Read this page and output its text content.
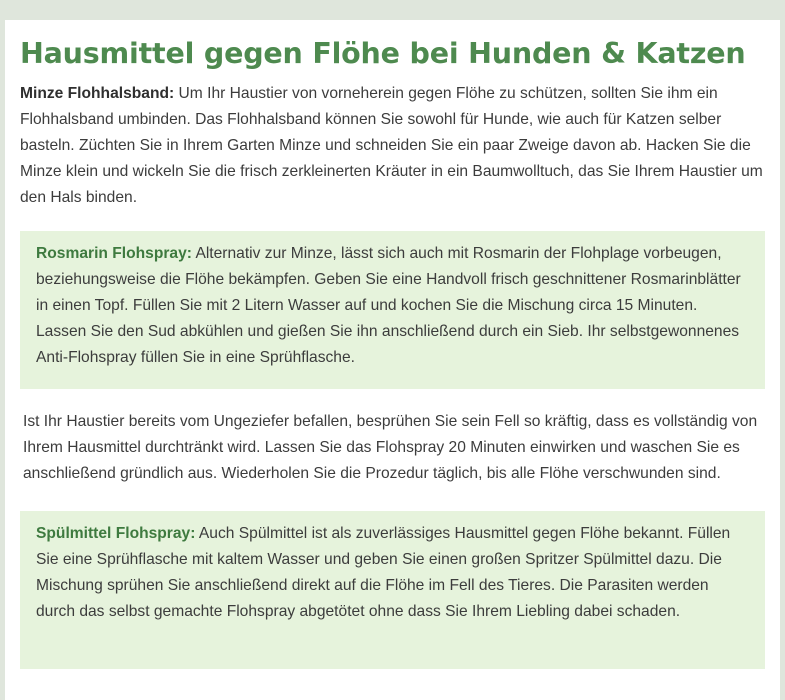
Hausmittel gegen Flöhe bei Hunden & Katzen

Minze Flohhalsband: Um Ihr Haustier von vorneherein gegen Flöhe zu schützen, sollten Sie ihm ein Flohhalsband umbinden. Das Flohhalsband können Sie sowohl für Hunde, wie auch für Katzen selber basteln. Züchten Sie in Ihrem Garten Minze und schneiden Sie ein paar Zweige davon ab. Hacken Sie die Minze klein und wickeln Sie die frisch zerkleinerten Kräuter in ein Baumwolltuch, das Sie Ihrem Haustier um den Hals binden.

Rosmarin Flohspray: Alternativ zur Minze, lässt sich auch mit Rosmarin der Flohplage vorbeugen, beziehungsweise die Flöhe bekämpfen. Geben Sie eine Handvoll frisch geschnittener Rosmarinblätter in einen Topf. Füllen Sie mit 2 Litern Wasser auf und kochen Sie die Mischung circa 15 Minuten. Lassen Sie den Sud abkühlen und gießen Sie ihn anschließend durch ein Sieb. Ihr selbstgewonnenes Anti-Flohspray füllen Sie in eine Sprühflasche.

Ist Ihr Haustier bereits vom Ungeziefer befallen, besprühen Sie sein Fell so kräftig, dass es vollständig von Ihrem Hausmittel durchtränkt wird. Lassen Sie das Flohspray 20 Minuten einwirken und waschen Sie es anschließend gründlich aus. Wiederholen Sie die Prozedur täglich, bis alle Flöhe verschwunden sind.

Spülmittel Flohspray: Auch Spülmittel ist als zuverlässiges Hausmittel gegen Flöhe bekannt. Füllen Sie eine Sprühflasche mit kaltem Wasser und geben Sie einen großen Spritzer Spülmittel dazu. Die Mischung sprühen Sie anschließend direkt auf die Flöhe im Fell des Tieres. Die Parasiten werden durch das selbst gemachte Flohspray abgetötet ohne dass Sie Ihrem Liebling dabei schaden.
